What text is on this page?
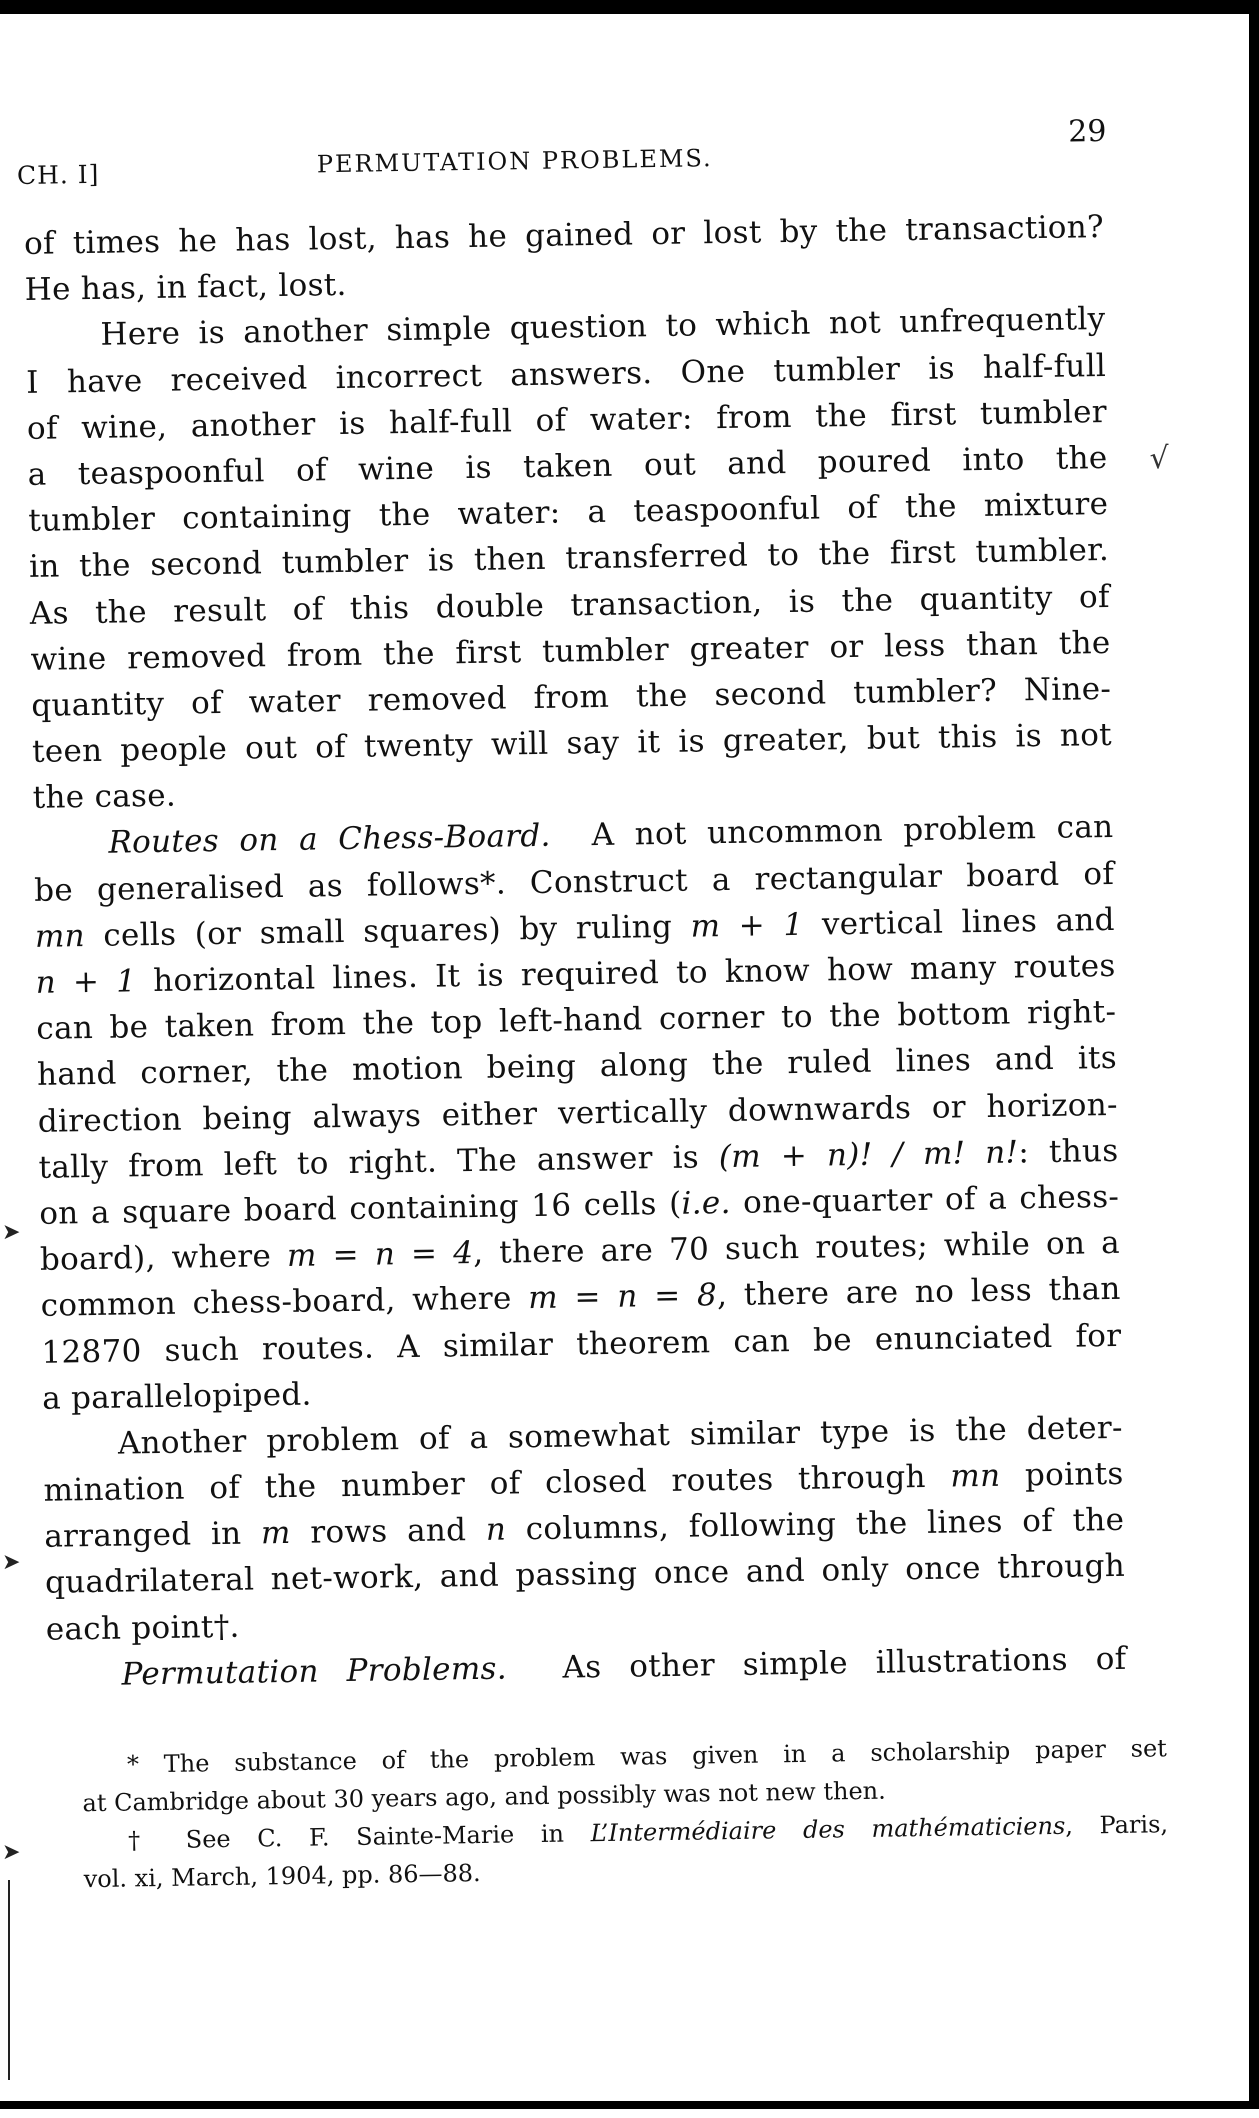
CH. I]	PERMUTATION PROBLEMS.
29
of times he has lost, has he gained or lost by the transaction?
He has, in fact, lost.
Here is another simple question to which not unfrequently
I have received incorrect answers. One tumbler is half-full
of wine, another is half-full of water: from the first tumbler
a teaspoonful of wine is taken out and poured into the
tumbler containing the water: a teaspoonful of the mixture
in the second tumbler is then transferred to the first tumbler.
As the result of this double transaction, is the quantity of
wine removed from the first tumbler greater or less than the
quantity of water removed from the second tumbler? Nine-
teen people out of twenty will say it is greater, but this is not
the case.
Routes on a Chess-Board. A not uncommon problem can
be generalised as follows*. Construct a rectangular board of
mn cells (or small squares) by ruling m + 1 vertical lines and
n + 1 horizontal lines. It is required to know how many routes
can be taken from the top left-hand corner to the bottom right-
hand corner, the motion being along the ruled lines and its
direction being always either vertically downwards or horizon-
tally from left to right. The answer is (m + n)! / m! n!: thus
on a square board containing 16 cells (i.e. one-quarter of a chess-
board), where m = n = 4, there are 70 such routes; while on a
common chess-board, where m = n = 8, there are no less than
12870 such routes. A similar theorem can be enunciated for
a parallelopiped.
Another problem of a somewhat similar type is the deter-
mination of the number of closed routes through mn points
arranged in m rows and n columns, following the lines of the
quadrilateral net-work, and passing once and only once through
each point†.
Permutation Problems. As other simple illustrations of
* The substance of the problem was given in a scholarship paper set
at Cambridge about 30 years ago, and possibly was not new then.
† See C. F. Sainte-Marie in L’Intermédiaire des mathématiciens, Paris,
vol. xi, March, 1904, pp. 86—88.
√
➤
➤
➤
